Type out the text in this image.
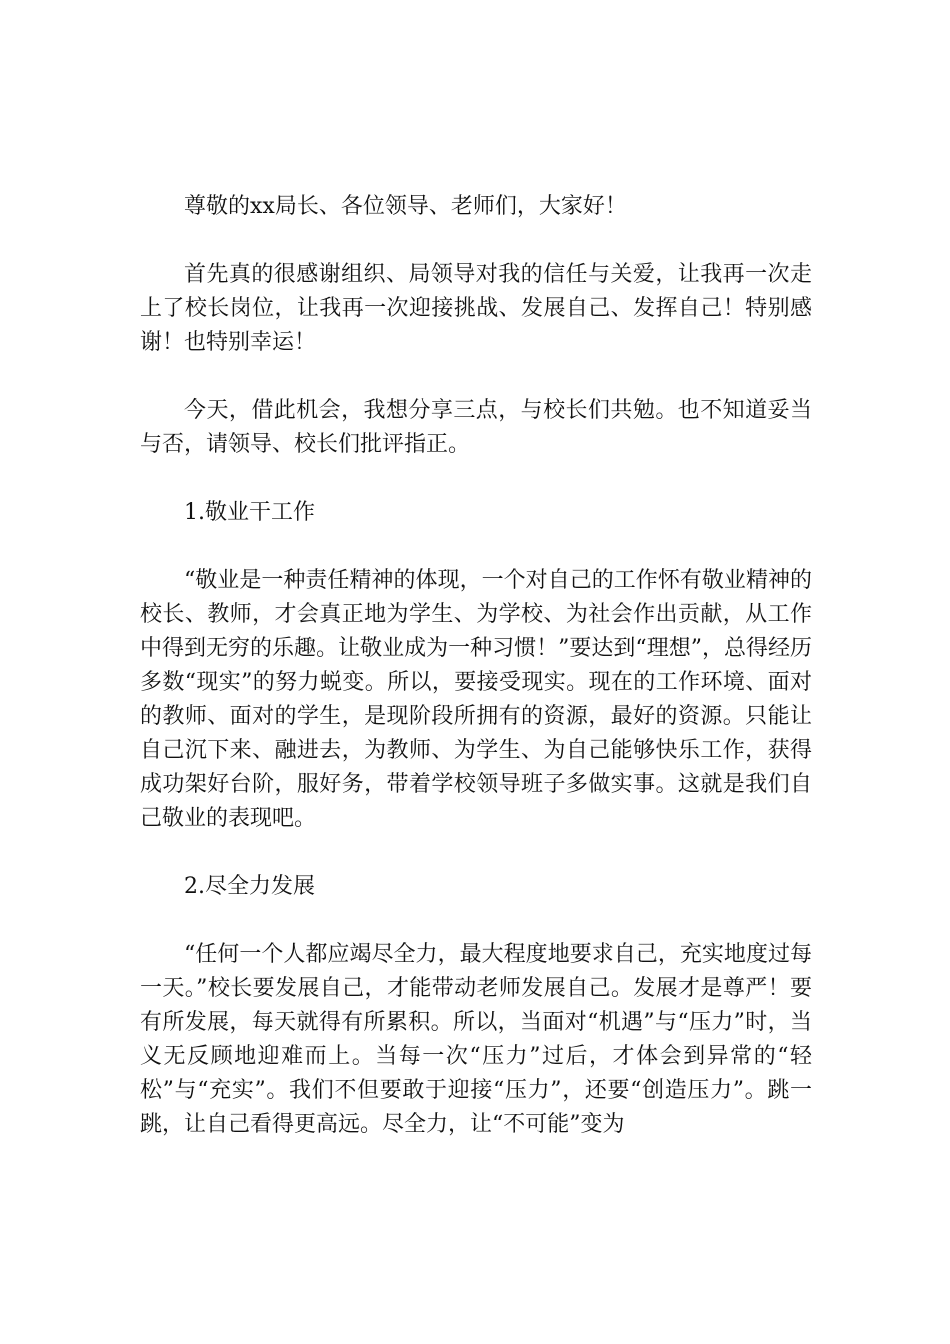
尊敬的xx局长、各位领导、老师们，大家好！

首先真的很感谢组织、局领导对我的信任与关爱，让我再一次走上了校长岗位，让我再一次迎接挑战、发展自己、发挥自己！特别感谢！也特别幸运！

今天，借此机会，我想分享三点，与校长们共勉。也不知道妥当与否，请领导、校长们批评指正。

1.敬业干工作

“敬业是一种责任精神的体现，一个对自己的工作怀有敬业精神的校长、教师，才会真正地为学生、为学校、为社会作出贡献，从工作中得到无穷的乐趣。让敬业成为一种习惯！”要达到“理想”，总得经历多数“现实”的努力蜕变。所以，要接受现实。现在的工作环境、面对的教师、面对的学生，是现阶段所拥有的资源，最好的资源。只能让自己沉下来、融进去，为教师、为学生、为自己能够快乐工作，获得成功架好台阶，服好务，带着学校领导班子多做实事。这就是我们自己敬业的表现吧。

2.尽全力发展

“任何一个人都应竭尽全力，最大程度地要求自己，充实地度过每一天。”校长要发展自己，才能带动老师发展自己。发展才是尊严！要有所发展，每天就得有所累积。所以，当面对“机遇”与“压力”时，当义无反顾地迎难而上。当每一次“压力”过后，才体会到异常的“轻松”与“充实”。我们不但要敢于迎接“压力”，还要“创造压力”。跳一跳，让自己看得更高远。尽全力，让“不可能”变为
